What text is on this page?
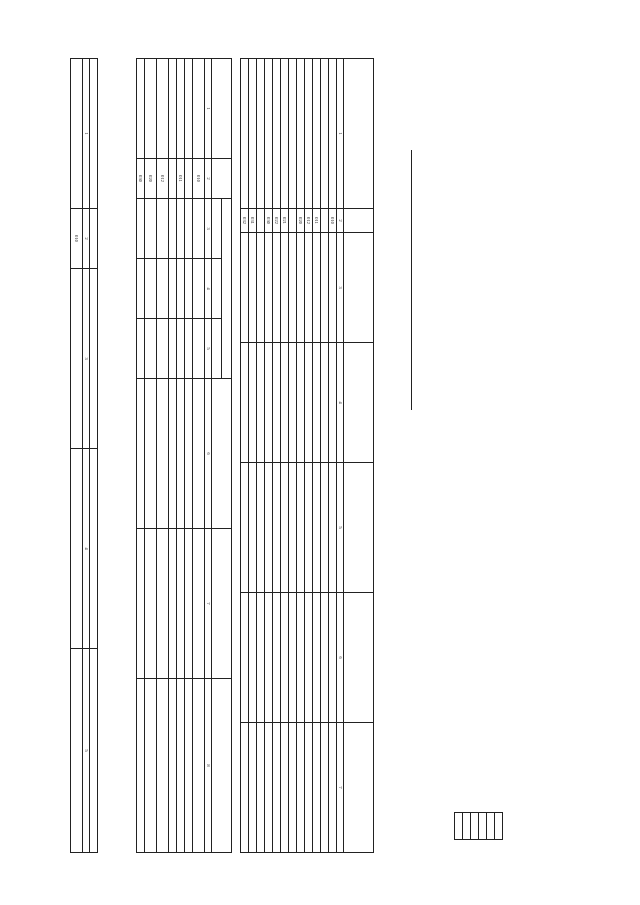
1	2	3	4	5	6	7
	010					

	011					
	012					
	020					

	021					
	022					
	030					

	031					
	032					

1	2	3	4	5	6	7	8
	010						

	011						

	012						
	020						
	030						

1	2	3	4	5
	010			
